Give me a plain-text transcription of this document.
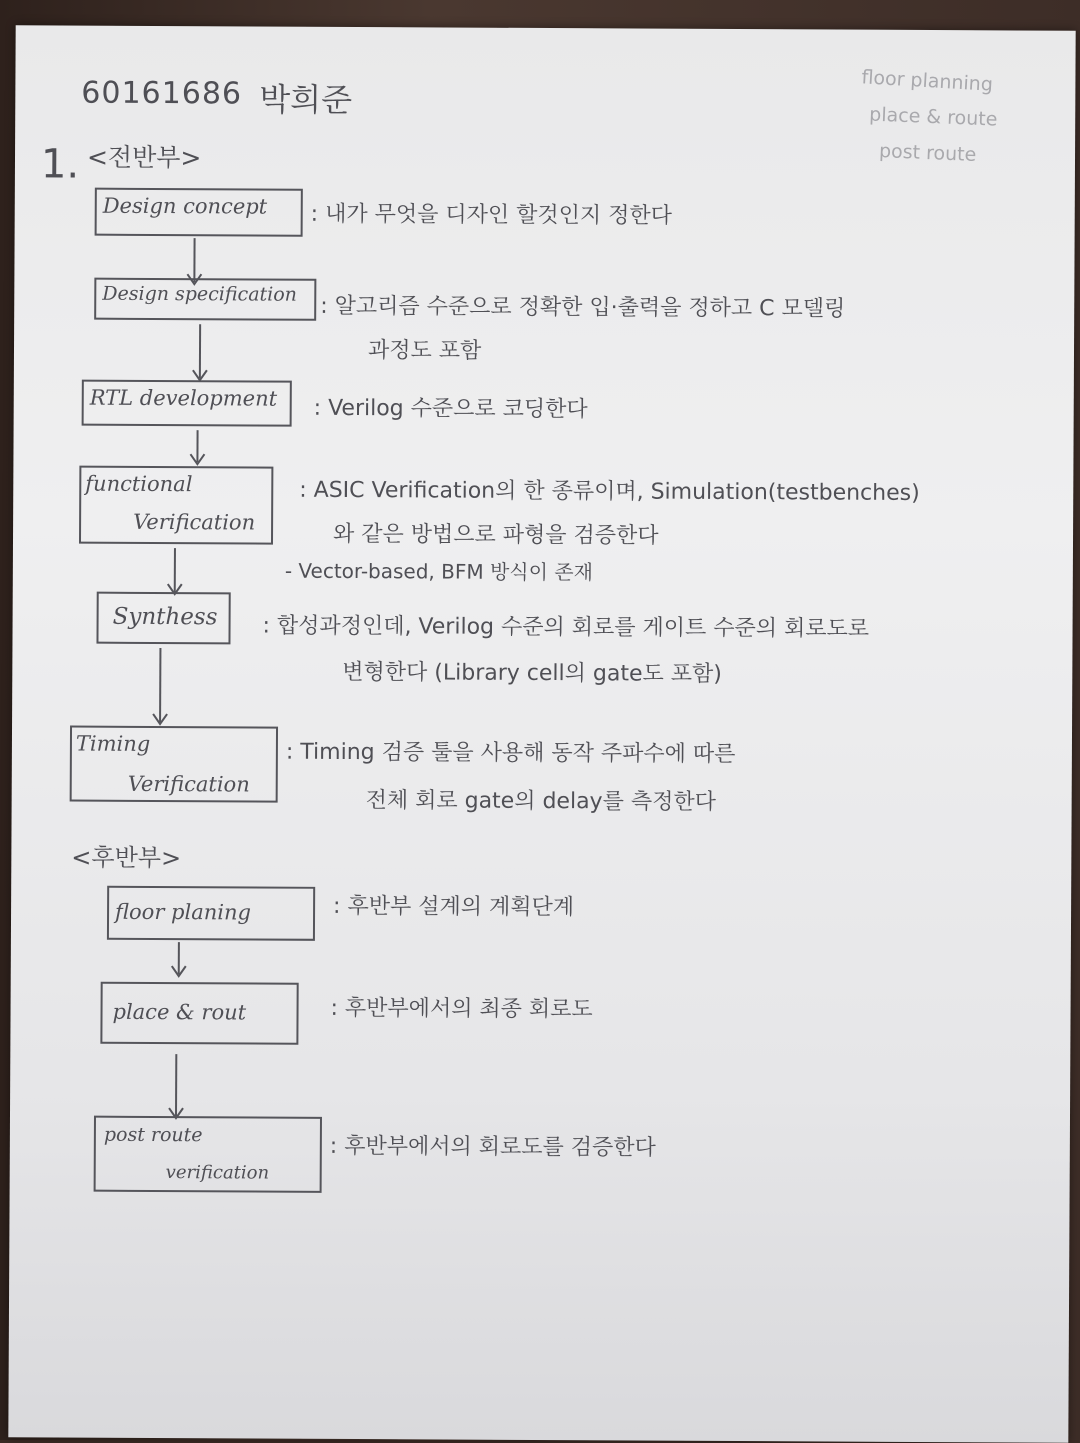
60161686 박희준	floor planning
place & route
post route
1. <전반부>
Design concept : 내가 무엇을 디자인 할것인지 정한다
Design specification : 알고리즘 수준으로 정확한 입·출력을 정하고 C 모델링
과정도 포함
RTL development : Verilog 수준으로 코딩한다
functional
Verification
: ASIC Verification의 한 종류이며, Simulation(testbenches)
와 같은 방법으로 파형을 검증한다
- Vector-based, BFM 방식이 존재
Synthess : 합성과정인데, Verilog 수준의 회로를 게이트 수준의 회로도로
변형한다 (Library cell의 gate도 포함)
Timing
Verification
: Timing 검증 툴을 사용해 동작 주파수에 따른
전체 회로 gate의 delay를 측정한다
<후반부>
floor planing	: 후반부 설계의 계획단계
place & rout	: 후반부에서의 최종 회로도
post route
verification
: 후반부에서의 회로도를 검증한다
